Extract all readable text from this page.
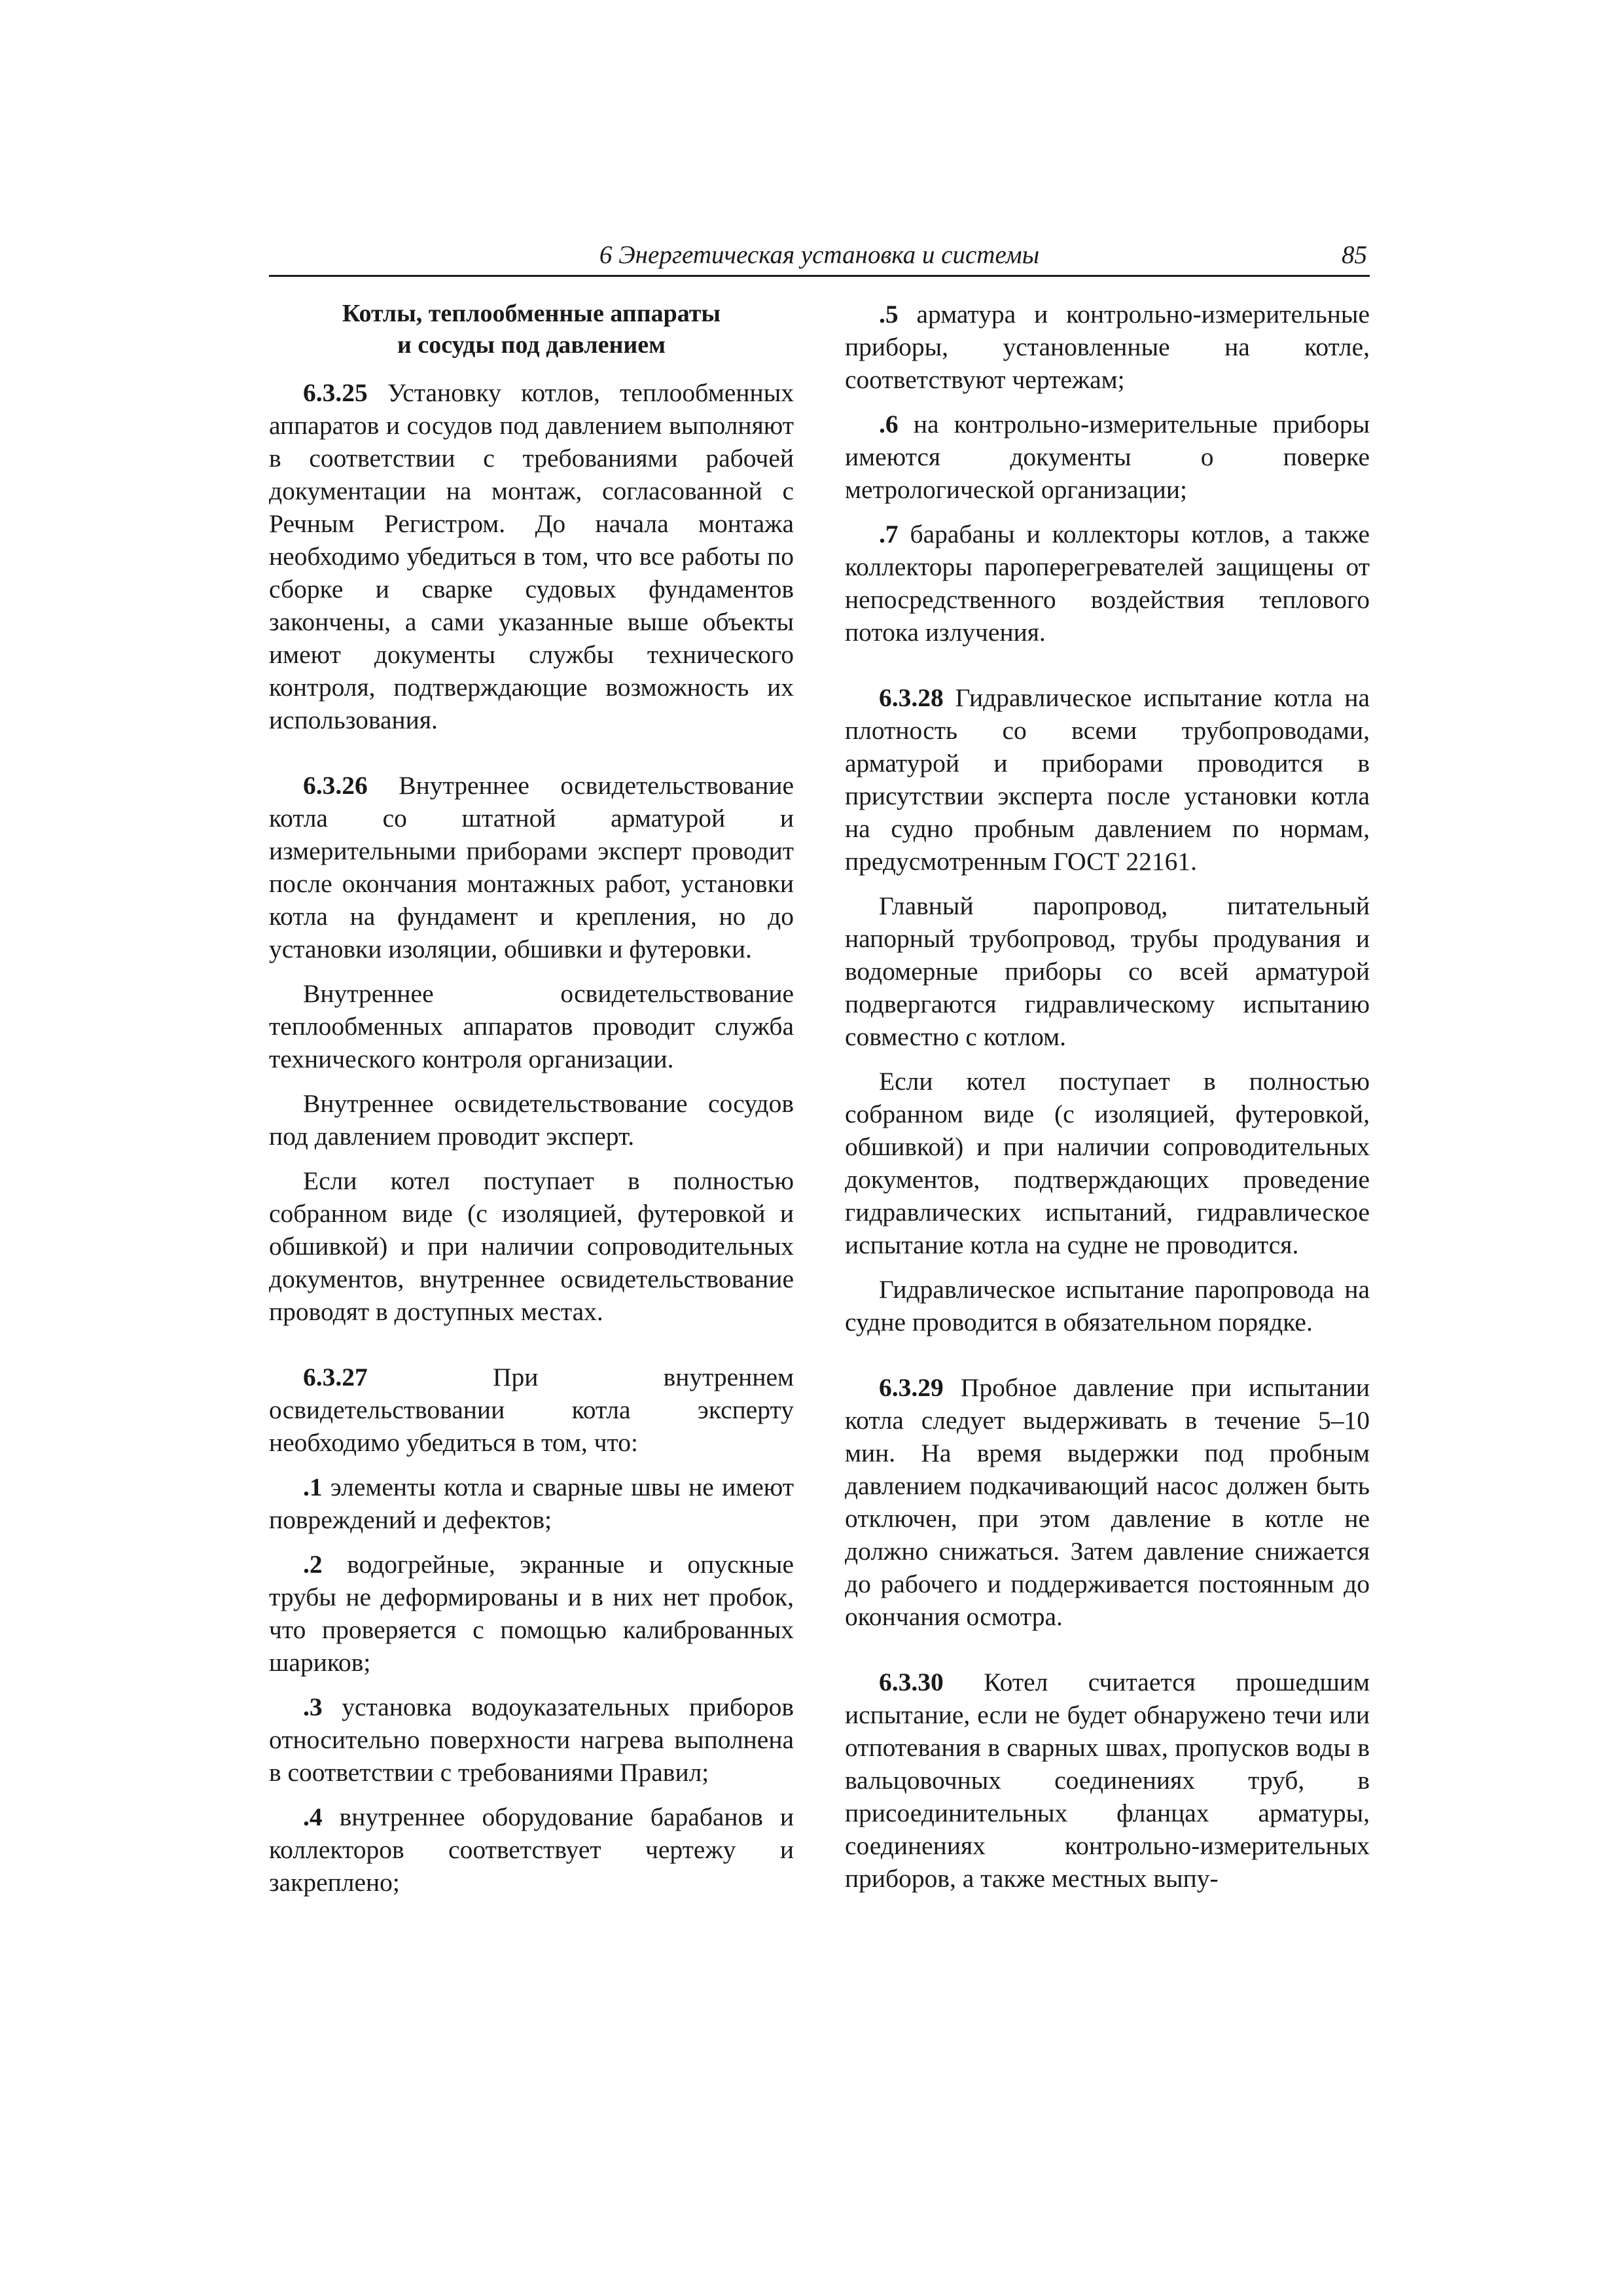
6 Энергетическая установка и системы	85
Котлы, теплообменные аппараты
и сосуды под давлением

6.3.25 Установку котлов, теплообменных аппаратов и сосудов под давлением выполняют в соответствии с требованиями рабочей документации на монтаж, согласованной с Речным Регистром. До начала монтажа необходимо убедиться в том, что все работы по сборке и сварке судовых фундаментов закончены, а сами указанные выше объекты имеют документы службы технического контроля, подтверждающие возможность их использования.

6.3.26 Внутреннее освидетельствование котла со штатной арматурой и измерительными приборами эксперт проводит после окончания монтажных работ, установки котла на фундамент и крепления, но до установки изоляции, обшивки и футеровки.

Внутреннее освидетельствование теплообменных аппаратов проводит служба технического контроля организации.

Внутреннее освидетельствование сосудов под давлением проводит эксперт.

Если котел поступает в полностью собранном виде (с изоляцией, футеровкой и обшивкой) и при наличии сопроводительных документов, внутреннее освидетельствование проводят в доступных местах.

6.3.27 При внутреннем освидетельствовании котла эксперту необходимо убедиться в том, что:

.1 элементы котла и сварные швы не имеют повреждений и дефектов;

.2 водогрейные, экранные и опускные трубы не деформированы и в них нет пробок, что проверяется с помощью калиброванных шариков;

.3 установка водоуказательных приборов относительно поверхности нагрева выполнена в соответствии с требованиями Правил;

.4 внутреннее оборудование барабанов и коллекторов соответствует чертежу и закреплено;

.5 арматура и контрольно-измерительные приборы, установленные на котле, соответствуют чертежам;

.6 на контрольно-измерительные приборы имеются документы о поверке метрологической организации;

.7 барабаны и коллекторы котлов, а также коллекторы пароперегревателей защищены от непосредственного воздействия теплового потока излучения.

6.3.28 Гидравлическое испытание котла на плотность со всеми трубопроводами, арматурой и приборами проводится в присутствии эксперта после установки котла на судно пробным давлением по нормам, предусмотренным ГОСТ 22161.

Главный паропровод, питательный напорный трубопровод, трубы продувания и водомерные приборы со всей арматурой подвергаются гидравлическому испытанию совместно с котлом.

Если котел поступает в полностью собранном виде (с изоляцией, футеровкой, обшивкой) и при наличии сопроводительных документов, подтверждающих проведение гидравлических испытаний, гидравлическое испытание котла на судне не проводится.

Гидравлическое испытание паропровода на судне проводится в обязательном порядке.

6.3.29 Пробное давление при испытании котла следует выдерживать в течение 5–10 мин. На время выдержки под пробным давлением подкачивающий насос должен быть отключен, при этом давление в котле не должно снижаться. Затем давление снижается до рабочего и поддерживается постоянным до окончания осмотра.

6.3.30 Котел считается прошедшим испытание, если не будет обнаружено течи или отпотевания в сварных швах, пропусков воды в вальцовочных соединениях труб, в присоединительных фланцах арматуры, соединениях контрольно-измерительных приборов, а также местных выпу-
